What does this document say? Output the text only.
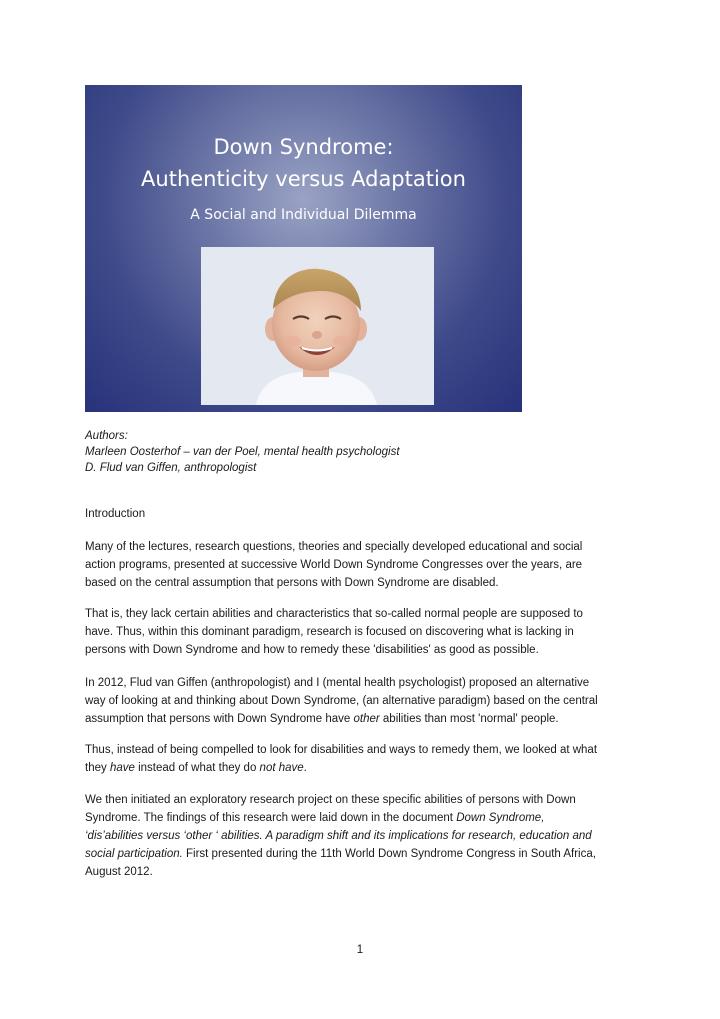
Down Syndrome:
Authenticity versus Adaptation
A Social and Individual Dilemma
Authors:
Marleen Oosterhof – van der Poel, mental health psychologist
D. Flud van Giffen, anthropologist
Introduction
Many of the lectures, research questions, theories and specially developed educational and social
action programs, presented at successive World Down Syndrome Congresses over the years, are
based on the central assumption that persons with Down Syndrome are disabled.
That is, they lack certain abilities and characteristics that so-called normal people are supposed to
have. Thus, within this dominant paradigm, research is focused on discovering what is lacking in
persons with Down Syndrome and how to remedy these 'disabilities' as good as possible.
In 2012, Flud van Giffen (anthropologist) and I (mental health psychologist) proposed an alternative
way of looking at and thinking about Down Syndrome, (an alternative paradigm) based on the central
assumption that persons with Down Syndrome have other abilities than most 'normal' people.
Thus, instead of being compelled to look for disabilities and ways to remedy them, we looked at what
they have instead of what they do not have.
We then initiated an exploratory research project on these specific abilities of persons with Down
Syndrome. The findings of this research were laid down in the document Down Syndrome,
‘dis’abilities versus ‘other ‘ abilities. A paradigm shift and its implications for research, education and
social participation. First presented during the 11th World Down Syndrome Congress in South Africa,
August 2012.
1
